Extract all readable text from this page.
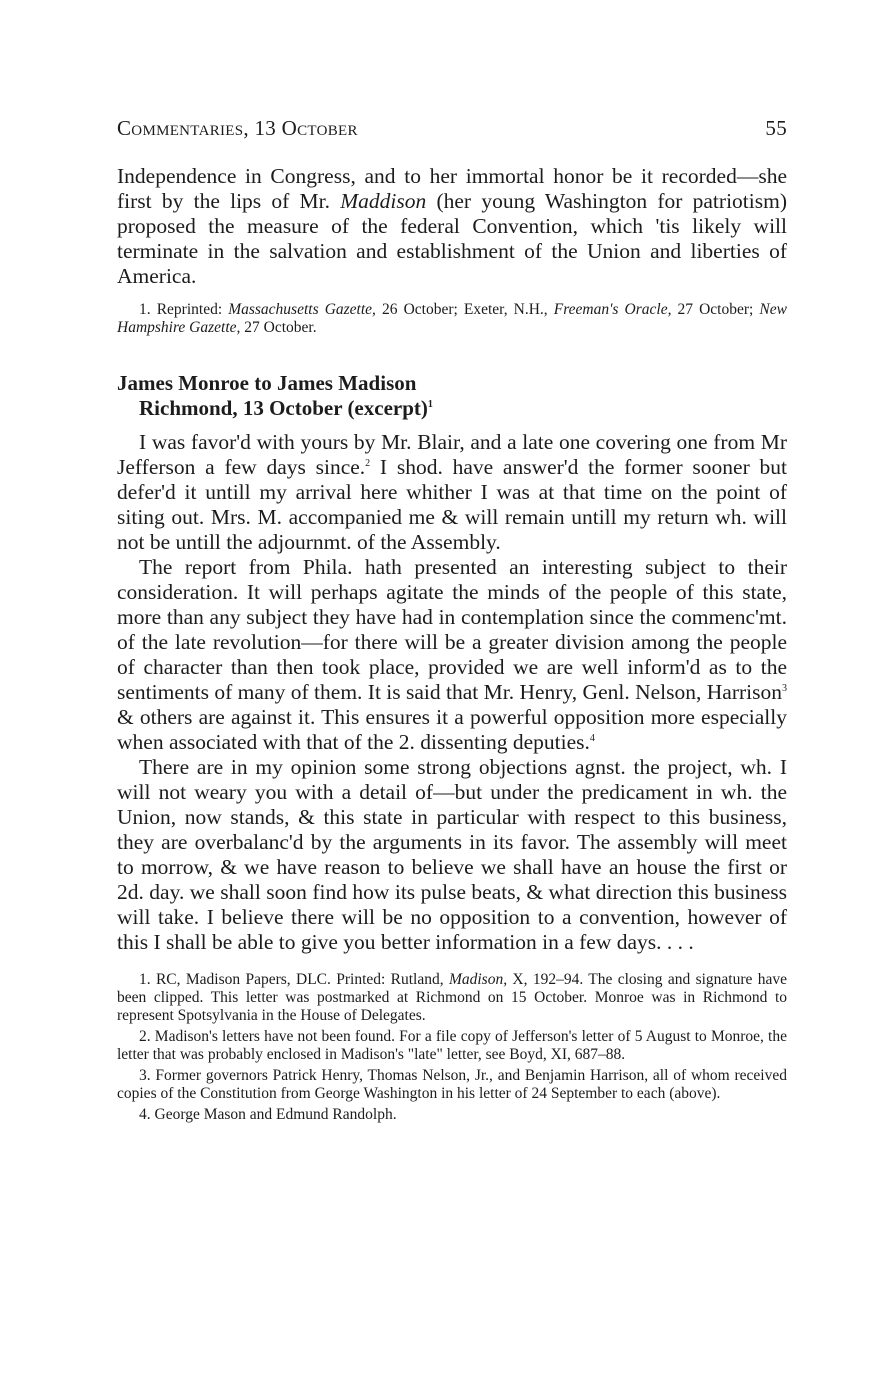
Commentaries, 13 October	55

Independence in Congress, and to her immortal honor be it recorded—she first by the lips of Mr. Maddison (her young Washington for patriotism) proposed the measure of the federal Convention, which 'tis likely will terminate in the salvation and establishment of the Union and liberties of America.

1. Reprinted: Massachusetts Gazette, 26 October; Exeter, N.H., Freeman's Oracle, 27 October; New Hampshire Gazette, 27 October.

James Monroe to James Madison

Richmond, 13 October (excerpt)$^1$

I was favor'd with yours by Mr. Blair, and a late one covering one from Mr Jefferson a few days since.$^2$ I shod. have answer'd the former sooner but defer'd it untill my arrival here whither I was at that time on the point of siting out. Mrs. M. accompanied me & will remain untill my return wh. will not be untill the adjournmt. of the Assembly.

The report from Phila. hath presented an interesting subject to their consideration. It will perhaps agitate the minds of the people of this state, more than any subject they have had in contemplation since the commenc'mt. of the late revolution—for there will be a greater division among the people of character than then took place, provided we are well inform'd as to the sentiments of many of them. It is said that Mr. Henry, Genl. Nelson, Harrison$^3$ & others are against it. This ensures it a powerful opposition more especially when associated with that of the 2. dissenting deputies.$^4$

There are in my opinion some strong objections agnst. the project, wh. I will not weary you with a detail of—but under the predicament in wh. the Union, now stands, & this state in particular with respect to this business, they are overbalanc'd by the arguments in its favor. The assembly will meet to morrow, & we have reason to believe we shall have an house the first or 2d. day. we shall soon find how its pulse beats, & what direction this business will take. I believe there will be no opposition to a convention, however of this I shall be able to give you better information in a few days. . . .

1. RC, Madison Papers, DLC. Printed: Rutland, Madison, X, 192–94. The closing and signature have been clipped. This letter was postmarked at Richmond on 15 October. Monroe was in Richmond to represent Spotsylvania in the House of Delegates.

2. Madison's letters have not been found. For a file copy of Jefferson's letter of 5 August to Monroe, the letter that was probably enclosed in Madison's "late" letter, see Boyd, XI, 687–88.

3. Former governors Patrick Henry, Thomas Nelson, Jr., and Benjamin Harrison, all of whom received copies of the Constitution from George Washington in his letter of 24 September to each (above).

4. George Mason and Edmund Randolph.
